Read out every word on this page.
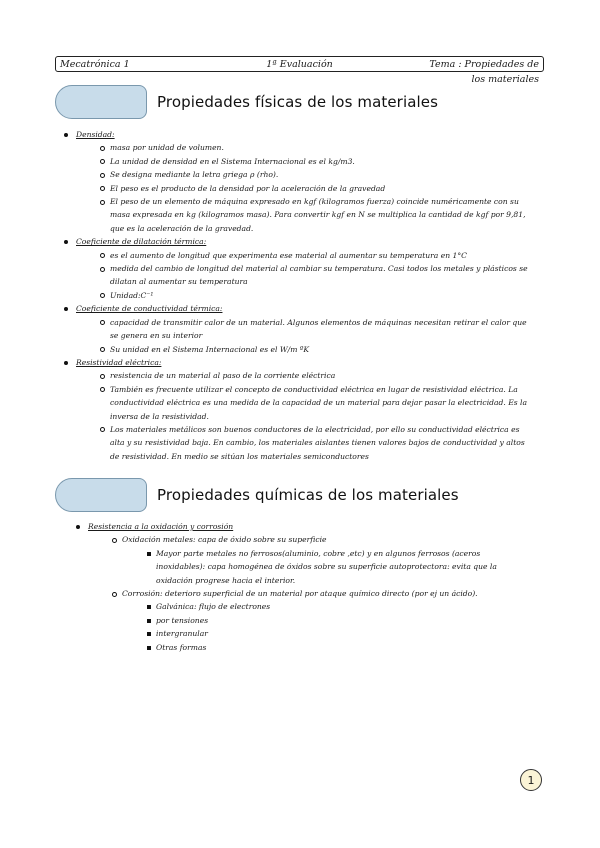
Mecatrónica 1	1ª Evaluación	Tema : Propiedades de
los materiales
Propiedades físicas de los materiales
Densidad:
masa por unidad de volumen.
La unidad de densidad en el Sistema Internacional es el kg/m3.
Se designa mediante la letra griega ρ (rho).
El peso es el producto de la densidad por la aceleración de la gravedad
El peso de un elemento de máquina expresado en kgf (kilogramos fuerza) coincide numéricamente con su masa expresada en kg (kilogramos masa). Para convertir kgf en N se multiplica la cantidad de kgf por 9,81, que es la aceleración de la gravedad.
Coeficiente de dilatación térmica:
es el aumento de longitud que experimenta ese material al aumentar su temperatura en 1°C
medida del cambio de longitud del material al cambiar su temperatura. Casi todos los metales y plásticos se dilatan al aumentar su temperatura
Unidad:C⁻¹
Coeficiente de conductividad térmica:
capacidad de transmitir calor de un material. Algunos elementos de máquinas necesitan retirar el calor que se genera en su interior
Su unidad en el Sistema Internacional es el W/m ºK
Resistividad eléctrica:
resistencia de un material al paso de la corriente eléctrica
También es frecuente utilizar el concepto de conductividad eléctrica en lugar de resistividad eléctrica. La conductividad eléctrica es una medida de la capacidad de un material para dejar pasar la electricidad. Es la inversa de la resistividad.
Los materiales metálicos son buenos conductores de la electricidad, por ello su conductividad eléctrica es alta y su resistividad baja. En cambio, los materiales aislantes tienen valores bajos de conductividad y altos de resistividad. En medio se sitúan los materiales semiconductores
Propiedades químicas de los materiales
Resistencia a la oxidación y corrosión
Oxidación metales: capa de óxido sobre su superficie
Mayor parte metales no ferrosos(aluminio, cobre ,etc) y en algunos ferrosos (aceros inoxidables): capa homogénea de óxidos sobre su superficie autoprotectora: evita que la oxidación progrese hacia el interior.
Corrosión: deterioro superficial de un material por ataque químico directo (por ej un ácido).
Galvánica: flujo de electrones
por tensiones
intergranular
Otras formas
1
